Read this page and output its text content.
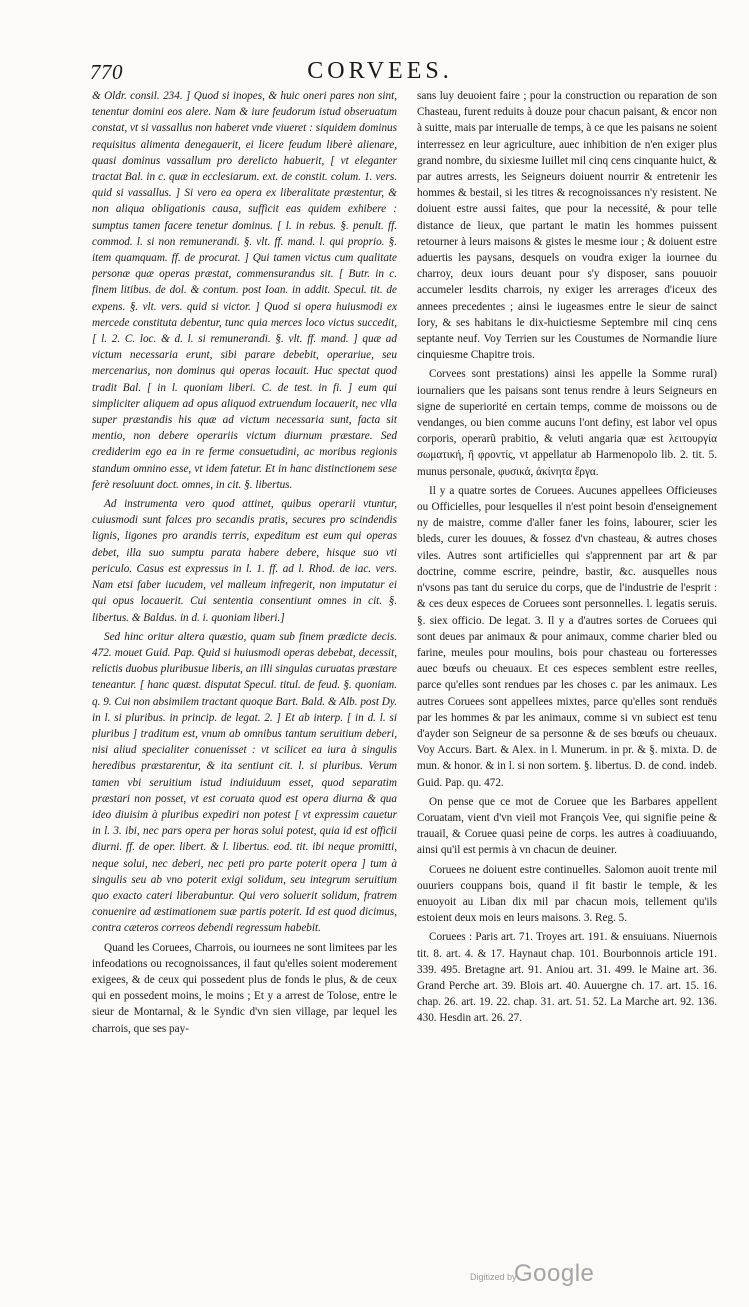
770	CORVEES.

& Oldr. consil. 234. ] Quod si inopes, & huic oneri pares non sint, tenentur domini eos alere. Nam & iure feudorum istud obseruatum constat, vt si vassallus non haberet vnde viueret : siquidem dominus requisitus alimenta denegauerit, ei licere feudum liberè alienare, quasi dominus vassallum pro derelicto habuerit, [ vt eleganter tractat Bal. in c. quæ in ecclesiarum. ext. de constit. colum. 1. vers. quid si vassallus. ] Si vero ea opera ex liberalitate præstentur, & non aliqua obligationis causa, sufficit eas quidem exhibere : sumptus tamen facere tenetur dominus. [ l. in rebus. §. penult. ff. commod. l. si non remunerandi. §. vlt. ff. mand. l. qui proprio. §. item quamquam. ff. de procurat. ] Qui tamen victus cum qualitate personæ quæ operas præstat, commensurandus sit. [ Butr. in c. finem litibus. de dol. & contum. post Ioan. in addit. Specul. tit. de expens. §. vlt. vers. quid si victor. ] Quod si opera huiusmodi ex mercede constituta debentur, tunc quia merces loco victus succedit, [ l. 2. C. loc. & d. l. si remunerandi. §. vlt. ff. mand. ] quæ ad victum necessaria erunt, sibi parare debebit, operariue, seu mercenarius, non dominus qui operas locauit. Huc spectat quod tradit Bal. [ in l. quoniam liberi. C. de test. in fi. ] eum qui simpliciter aliquem ad opus aliquod extruendum locauerit, nec vlla super præstandis his quæ ad victum necessaria sunt, facta sit mentio, non debere operariis victum diurnum præstare. Sed crediderim ego ea in re ferme consuetudini, ac moribus regionis standum omnino esse, vt idem fatetur. Et in hanc distinctionem sese ferè resoluunt doct. omnes, in cit. §. libertus.

Ad instrumenta vero quod attinet, quibus operarii vtuntur, cuiusmodi sunt falces pro secandis pratis, secures pro scindendis lignis, ligones pro arandis terris, expeditum est eum qui operas debet, illa suo sumptu parata habere debere, hisque suo vti periculo. Casus est expressus in l. 1. ff. ad l. Rhod. de iac. vers. Nam etsi faber iucudem, vel malleum infregerit, non imputatur ei qui opus locauerit. Cui sententia consentiunt omnes in cit. §. libertus. & Baldus. in d. i. quoniam liberi.]

Sed hinc oritur altera quæstio, quam sub finem prædicte decis. 472. mouet Guid. Pap. Quid si huiusmodi operas debebat, decessit, relictis duobus pluribusue liberis, an illi singulas curuatas præstare teneantur. [ hanc quæst. disputat Specul. titul. de feud. §. quoniam. q. 9. Cui non absimilem tractant quoque Bart. Bald. & Alb. post Dy. in l. si pluribus. in princip. de legat. 2. ] Et ab interp. [ in d. l. si pluribus ] traditum est, vnum ab omnibus tantum seruitium deberi, nisi aliud specialiter conuenisset : vt scilicet ea iura à singulis heredibus præstarentur, & ita sentiunt cit. l. si pluribus. Verum tamen vbi seruitium istud indiuiduum esset, quod separatim præstari non posset, vt est coruata quod est opera diurna & qua ideo diuisim à pluribus expediri non potest [ vt expressim cauetur in l. 3. ibi, nec pars opera per horas solui potest, quia id est officii diurni. ff. de oper. libert. & l. libertus. eod. tit. ibi neque promitti, neque solui, nec deberi, nec peti pro parte poterit opera ] tum à singulis seu ab vno poterit exigi solidum, seu integrum seruitium quo exacto cateri liberabuntur. Qui vero soluerit solidum, fratrem conuenire ad æstimationem suæ partis poterit. Id est quod dicimus, contra cæteros correos debendi regressum habebit.

Quand les Coruees, Charrois, ou iournees ne sont limitees par les infeodations ou recognoissances, il faut qu'elles soient moderement exigees, & de ceux qui possedent plus de fonds le plus, & de ceux qui en possedent moins, le moins ; Et y a arrest de Tolose, entre le sieur de Montarnal, & le Syndic d'vn sien village, par lequel les charrois, que ses pay-

sans luy deuoient faire ; pour la construction ou reparation de son Chasteau, furent reduits à douze pour chacun paisant, & encor non à suitte, mais par interualle de temps, à ce que les paisans ne soient interressez en leur agriculture, auec inhibition de n'en exiger plus grand nombre, du sixiesme Iuillet mil cinq cens cinquante huict, & par autres arrests, les Seigneurs doiuent nourrir & entretenir les hommes & bestail, si les titres & recognoissances n'y resistent. Ne doiuent estre aussi faites, que pour la necessité, & pour telle distance de lieux, que partant le matin les hommes puissent retourner à leurs maisons & gistes le mesme iour ; & doiuent estre aduertis les paysans, desquels on voudra exiger la iournee du charroy, deux iours deuant pour s'y disposer, sans pouuoir accumeler lesdits charrois, ny exiger les arrerages d'iceux des annees precedentes ; ainsi le iugeasmes entre le sieur de sainct Iory, & ses habitans le dix-huictiesme Septembre mil cinq cens septante neuf. Voy Terrien sur les Coustumes de Normandie liure cinquiesme Chapitre trois.

Corvees sont prestations) ainsi les appelle la Somme rural) iournaliers que les paisans sont tenus rendre à leurs Seigneurs en signe de superiorité en certain temps, comme de moissons ou de vendanges, ou bien comme aucuns l'ont definy, est labor vel opus corporis, operarũ prabitio, & veluti angaria quæ est λειτουργία σωματική, ἢ φροντίς, vt appellatur ab Harmenopolo lib. 2. tit. 5. munus personale, φυσικά, ἀκίνητα ἔργα.

Il y a quatre sortes de Coruees. Aucunes appellees Officieuses ou Officielles, pour lesquelles il n'est point besoin d'enseignement ny de maistre, comme d'aller faner les foins, labourer, scier les bleds, curer les douues, & fossez d'vn chasteau, & autres choses viles. Autres sont artificielles qui s'apprennent par art & par doctrine, comme escrire, peindre, bastir, &c. ausquelles nous n'vsons pas tant du seruice du corps, que de l'industrie de l'esprit : & ces deux especes de Coruees sont personnelles. l. legatis seruis. §. siex officio. De legat. 3. Il y a d'autres sortes de Coruees qui sont deues par animaux & pour animaux, comme charier bled ou farine, meules pour moulins, bois pour chasteau ou forteresses auec bœufs ou cheuaux. Et ces especes semblent estre reelles, parce qu'elles sont rendues par les choses c. par les animaux. Les autres Coruees sont appellees mixtes, parce qu'elles sont renduës par les hommes & par les animaux, comme si vn subiect est tenu d'ayder son Seigneur de sa personne & de ses bœufs ou cheuaux. Voy Accurs. Bart. & Alex. in l. Munerum. in pr. & §. mixta. D. de mun. & honor. & in l. si non sortem. §. libertus. D. de cond. indeb. Guid. Pap. qu. 472.

On pense que ce mot de Coruee que les Barbares appellent Coruatam, vient d'vn vieil mot François Vee, qui signifie peine & trauail, & Coruee quasi peine de corps. les autres à coadiuuando, ainsi qu'il est permis à vn chacun de deuiner.

Coruees ne doiuent estre continuelles. Salomon auoit trente mil ouuriers couppans bois, quand il fit bastir le temple, & les enuoyoit au Liban dix mil par chacun mois, tellement qu'ils estoient deux mois en leurs maisons. 3. Reg. 5.

Coruees : Paris art. 71. Troyes art. 191. & ensuiuans. Niuernois tit. 8. art. 4. & 17. Haynaut chap. 101. Bourbonnois article 191. 339. 495. Bretagne art. 91. Aniou art. 31. 499. le Maine art. 36. Grand Perche art. 39. Blois art. 40. Auuergne ch. 17. art. 15. 16. chap. 26. art. 19. 22. chap. 31. art. 51. 52. La Marche art. 92. 136. 430. Hesdin art. 26. 27.

Digitized by
Google
